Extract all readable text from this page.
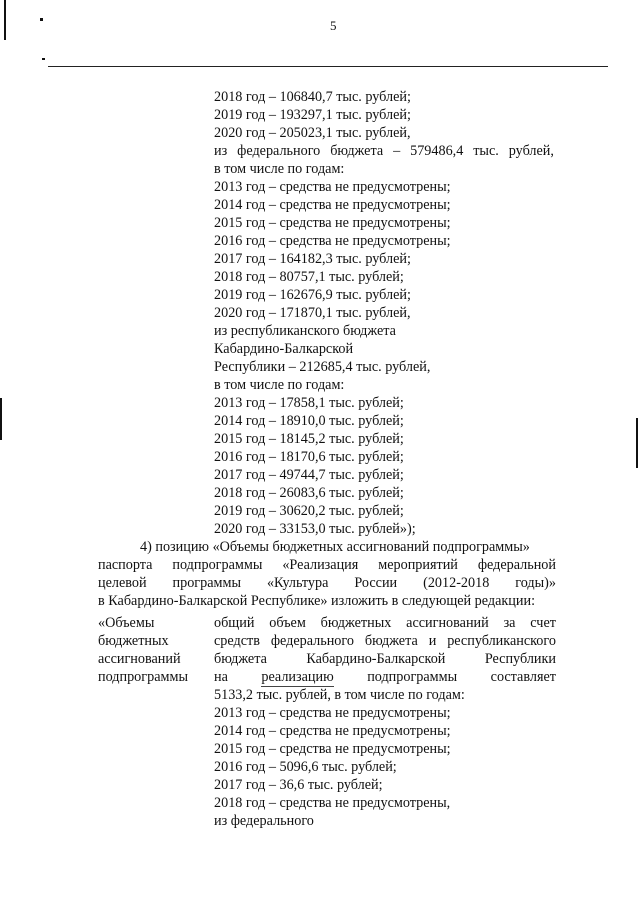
5
2018 год – 106840,7 тыс. рублей;
2019 год – 193297,1 тыс. рублей;
2020 год – 205023,1 тыс. рублей,
из федерального бюджета – 579486,4 тыс. рублей,
в том числе по годам:
2013 год – средства не предусмотрены;
2014 год – средства не предусмотрены;
2015 год – средства не предусмотрены;
2016 год – средства не предусмотрены;
2017 год – 164182,3 тыс. рублей;
2018 год – 80757,1 тыс. рублей;
2019 год – 162676,9 тыс. рублей;
2020 год – 171870,1 тыс. рублей,
из республиканского бюджета
Кабардино-Балкарской
Республики – 212685,4 тыс. рублей,
в том числе по годам:
2013 год – 17858,1 тыс. рублей;
2014 год – 18910,0 тыс. рублей;
2015 год – 18145,2 тыс. рублей;
2016 год – 18170,6 тыс. рублей;
2017 год – 49744,7 тыс. рублей;
2018 год – 26083,6 тыс. рублей;
2019 год – 30620,2 тыс. рублей;
2020 год – 33153,0 тыс. рублей»);
4) позицию «Объемы бюджетных ассигнований подпрограммы»
паспорта подпрограммы «Реализация мероприятий федеральной
целевой программы «Культура России (2012-2018 годы)»
в Кабардино-Балкарской Республике» изложить в следующей редакции:
«Объемы
бюджетных
ассигнований
подпрограммы
общий объем бюджетных ассигнований за счет
средств федерального бюджета и республиканского
бюджета	Кабардино-Балкарской	Республики
на реализацию подпрограммы составляет
5133,2 тыс. рублей, в том числе по годам:
2013 год – средства не предусмотрены;
2014 год – средства не предусмотрены;
2015 год – средства не предусмотрены;
2016 год – 5096,6 тыс. рублей;
2017 год – 36,6 тыс. рублей;
2018 год – средства не предусмотрены,
из федерального
